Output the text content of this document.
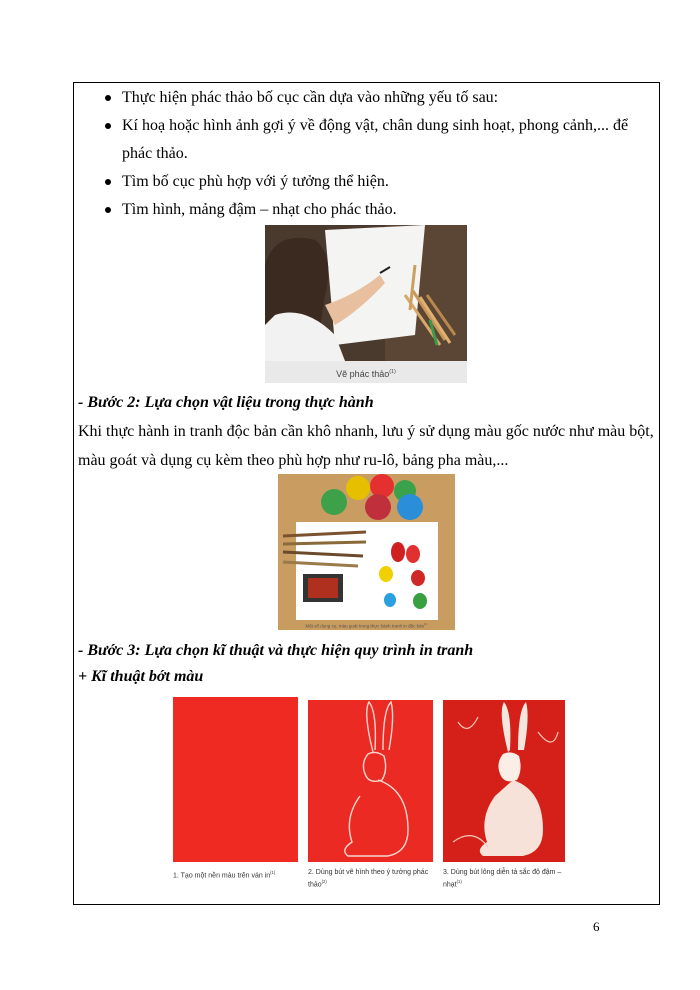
Thực hiện phác thảo bố cục cần dựa vào những yếu tố sau:
Kí hoạ hoặc hình ảnh gợi ý về động vật, chân dung sinh hoạt, phong cảnh,... để phác thảo.
Tìm bố cục phù hợp với ý tưởng thể hiện.
Tìm hình, mảng đậm – nhạt cho phác thảo.
Vẽ phác thảo$^{(1)}$
- Bước 2: Lựa chọn vật liệu trong thực hành
Khi thực hành in tranh độc bản cần khô nhanh, lưu ý sử dụng màu gốc nước như màu bột, màu goát và dụng cụ kèm theo phù hợp như ru-lô, bảng pha màu,...
Một số dụng cụ, màu goát trong thực hành tranh in độc bản$^{(1)}$
- Bước 3: Lựa chọn kĩ thuật và thực hiện quy trình in tranh
+ Kĩ thuật bớt màu
1. Tạo một nền màu trên ván $in^{(1)}$	2. Dùng bút vẽ hình theo ý tưởng phác thảo$^{(2)}$
3. Dùng bút lông diễn tả sắc độ đậm – nhạt$^{(1)}$
6
